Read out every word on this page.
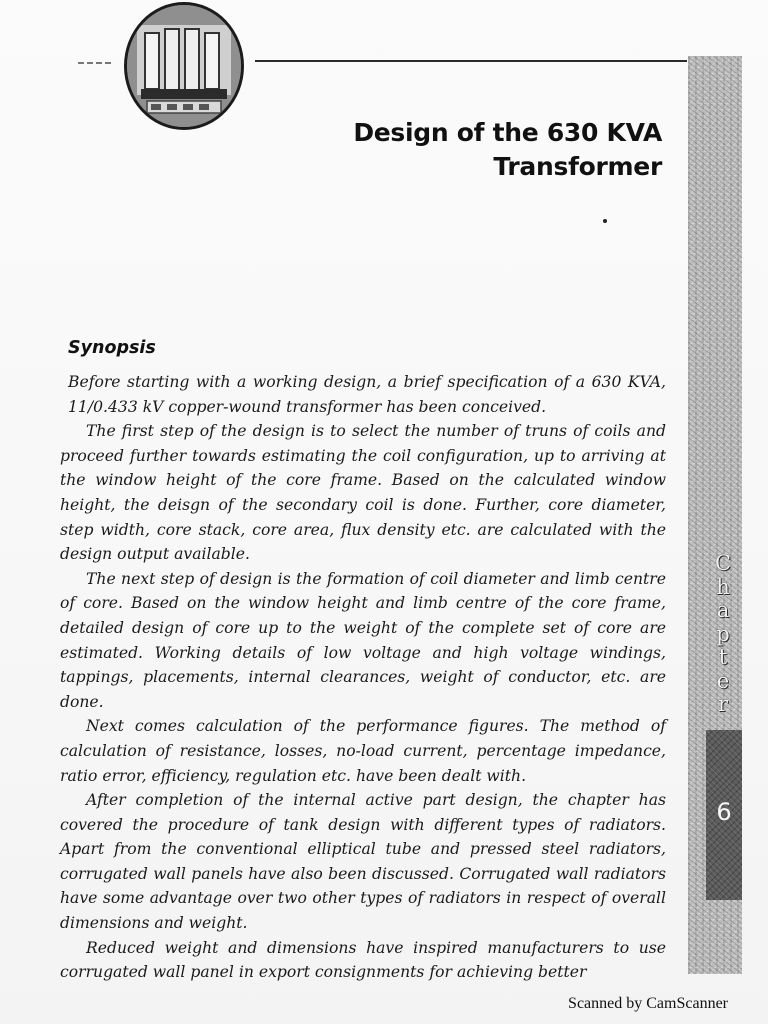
Design of the 630 KVA
Transformer
C
h
a
p
t
e
r
6
Synopsis

Before starting with a working design, a brief specification of a 630 KVA, 11/0.433 kV copper-wound transformer has been conceived.

The first step of the design is to select the number of truns of coils and proceed further towards estimating the coil configuration, up to arriving at the window height of the core frame. Based on the calculated window height, the deisgn of the secondary coil is done. Further, core diameter, step width, core stack, core area, flux density etc. are calculated with the design output available.

The next step of design is the formation of coil diameter and limb centre of core. Based on the window height and limb centre of the core frame, detailed design of core up to the weight of the complete set of core are estimated. Working details of low voltage and high voltage windings, tappings, placements, internal clearances, weight of conductor, etc. are done.

Next comes calculation of the performance figures. The method of calculation of resistance, losses, no-load current, percentage impedance, ratio error, efficiency, regulation etc. have been dealt with.

After completion of the internal active part design, the chapter has covered the procedure of tank design with different types of radiators. Apart from the conventional elliptical tube and pressed steel radiators, corrugated wall panels have also been discussed. Corrugated wall radiators have some advantage over two other types of radiators in respect of overall dimensions and weight.

Reduced weight and dimensions have inspired manufacturers to use corrugated wall panel in export consignments for achieving better

Scanned by CamScanner
